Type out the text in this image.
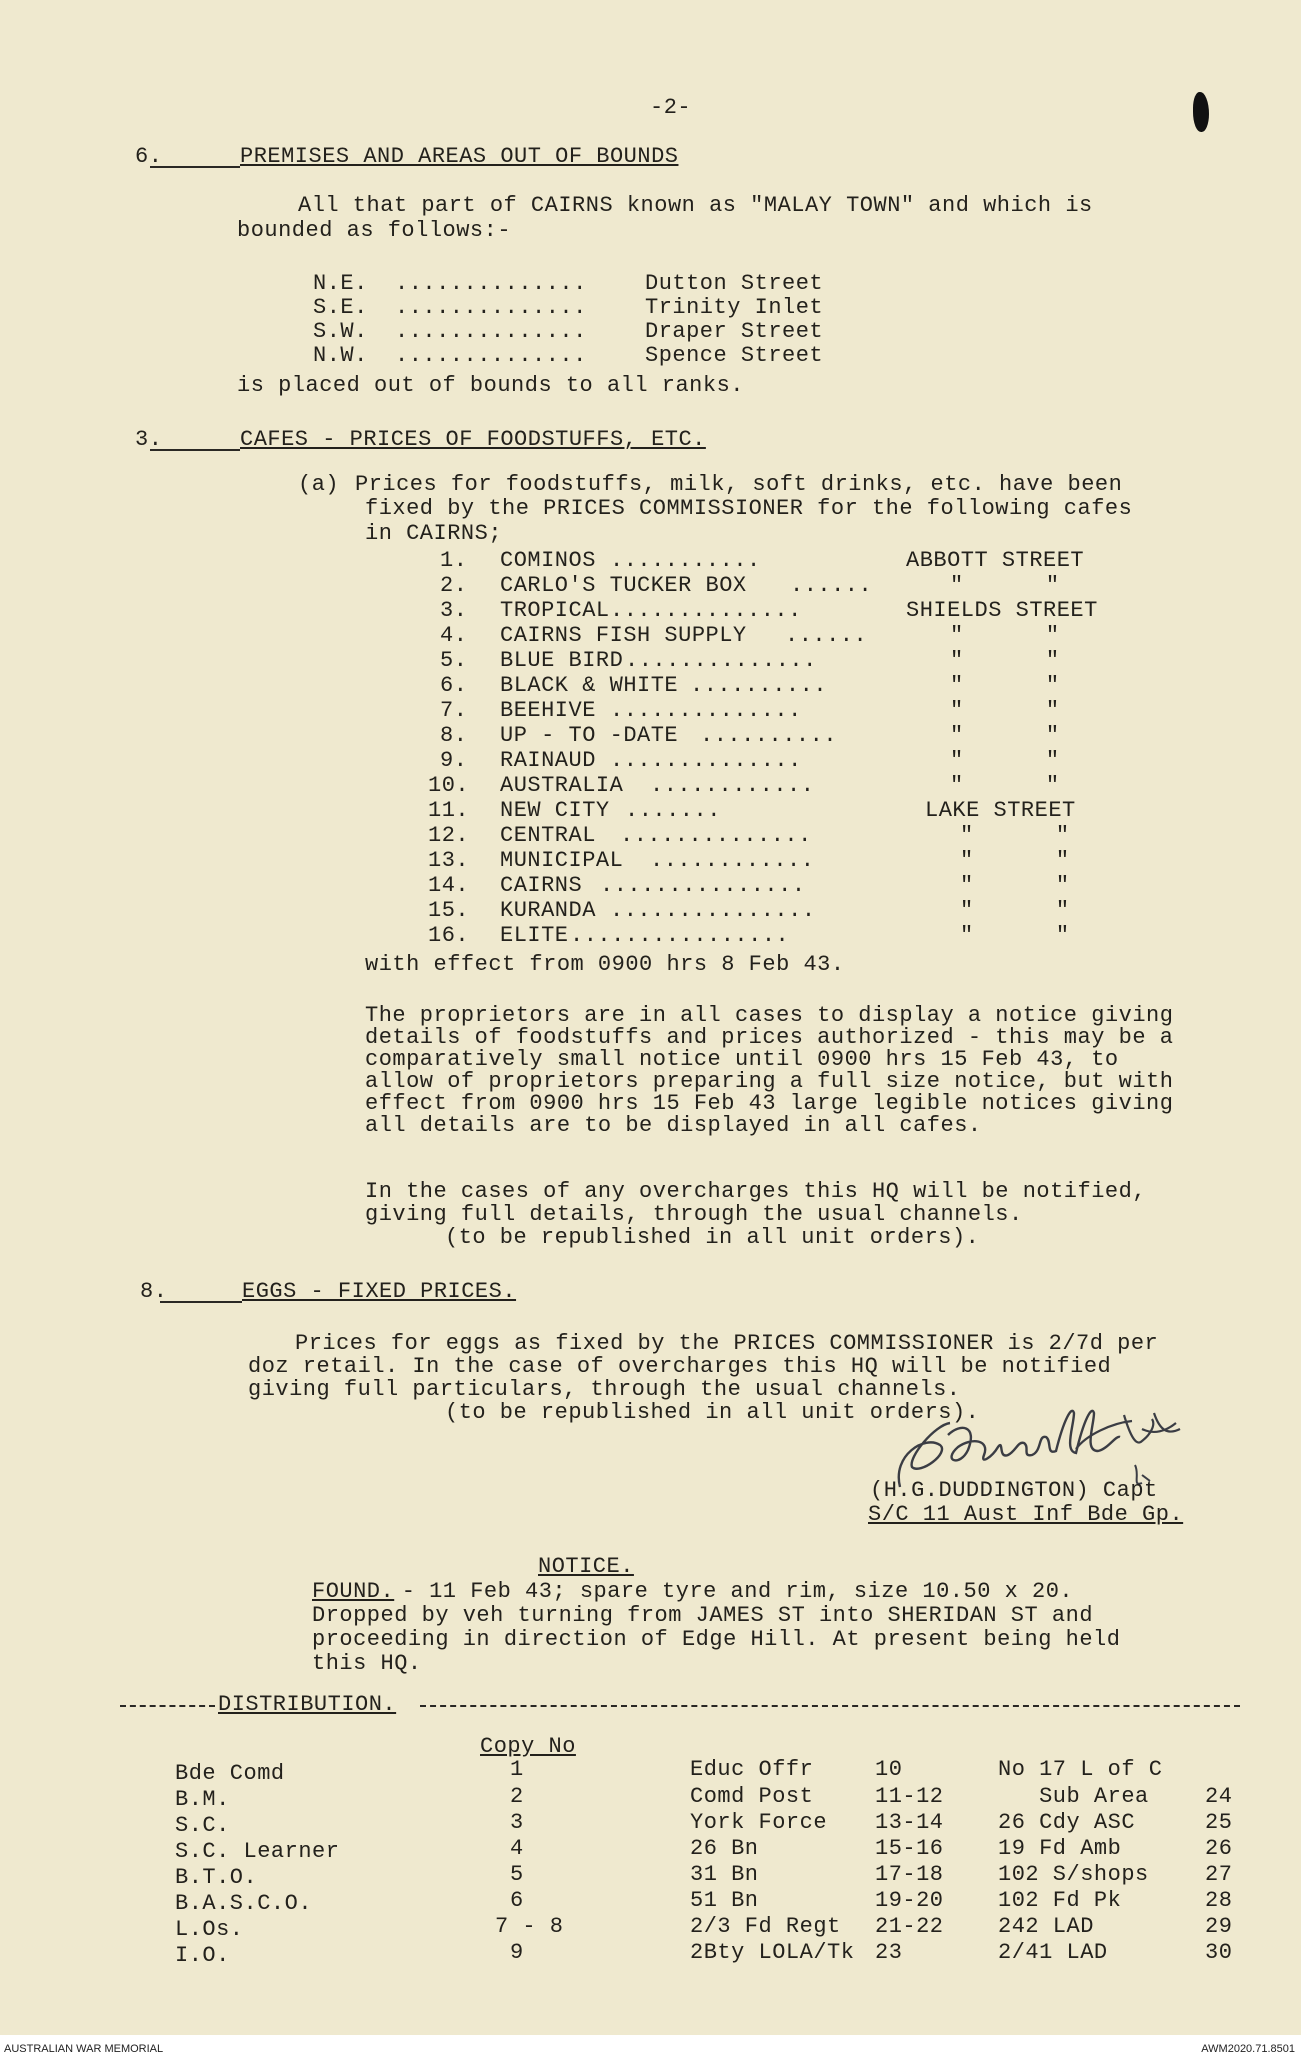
-2-
6.	PREMISES AND AREAS OUT OF BOUNDS
All that part of CAIRNS known as "MALAY TOWN" and which is
bounded as follows:-
N.E. ..............	Dutton Street
S.E. ..............	Trinity Inlet
S.W. ..............	Draper Street
N.W. ..............	Spence Street
is placed out of bounds to all ranks.
3.	CAFES - PRICES OF FOODSTUFFS, ETC.
(a) Prices for foodstuffs, milk, soft drinks, etc. have been
fixed by the PRICES COMMISSIONER for the following cafes
in CAIRNS;
1. COMINOS ...........	ABBOTT STREET
2. CARLO'S TUCKER BOX ......	"      "
3. TROPICAL ..............	SHIELDS STREET
4. CAIRNS FISH SUPPLY ......	"      "
5. BLUE BIRD ..............	"      "
6. BLACK & WHITE ..........	"      "
7. BEEHIVE ..............	"      "
8. UP - TO -DATE ..........	"      "
9. RAINAUD ..............	"      "
10. AUSTRALIA ............	"      "
11. NEW CITY .......	LAKE STREET
12. CENTRAL ..............	"      "
13. MUNICIPAL ............	"      "
14. CAIRNS ...............	"      "
15. KURANDA ...............	"      "
16. ELITE ................	"      "
with effect from 0900 hrs 8 Feb 43.
The proprietors are in all cases to display a notice giving
details of foodstuffs and prices authorized - this may be a
comparatively small notice until 0900 hrs 15 Feb 43, to
allow of proprietors preparing a full size notice, but with
effect from 0900 hrs 15 Feb 43 large legible notices giving
all details are to be displayed in all cafes.
In the cases of any overcharges this HQ will be notified,
giving full details, through the usual channels.
(to be republished in all unit orders).
8.	EGGS - FIXED PRICES.
Prices for eggs as fixed by the PRICES COMMISSIONER is 2/7d per
doz retail. In the case of overcharges this HQ will be notified
giving full particulars, through the usual channels.
(to be republished in all unit orders).
(H.G.DUDDINGTON) Capt
S/C 11 Aust Inf Bde Gp.
NOTICE.
FOUND.
- 11 Feb 43; spare tyre and rim, size 10.50 x 20.
Dropped by veh turning from JAMES ST into SHERIDAN ST and
proceeding in direction of Edge Hill. At present being held
this HQ.
DISTRIBUTION.
Copy No
Bde Comd	1
B.M.	2
S.C.	3
S.C. Learner	4
B.T.O.	5
B.A.S.C.O.	6
L.Os.	7 - 8
I.O.	9
Educ Offr	10
Comd Post	11-12
York Force 13-14
26 Bn	15-16
31 Bn	17-18
51 Bn	19-20
2/3 Fd Regt 21-22
2Bty LOLA/Tk 23
No 17 L of C
Sub Area	24
26 Cdy ASC	25
19 Fd Amb	26
102 S/shops	27
102 Fd Pk	28
242 LAD	29
2/41 LAD	30
AUSTRALIAN WAR MEMORIAL	AWM2020.71.8501
